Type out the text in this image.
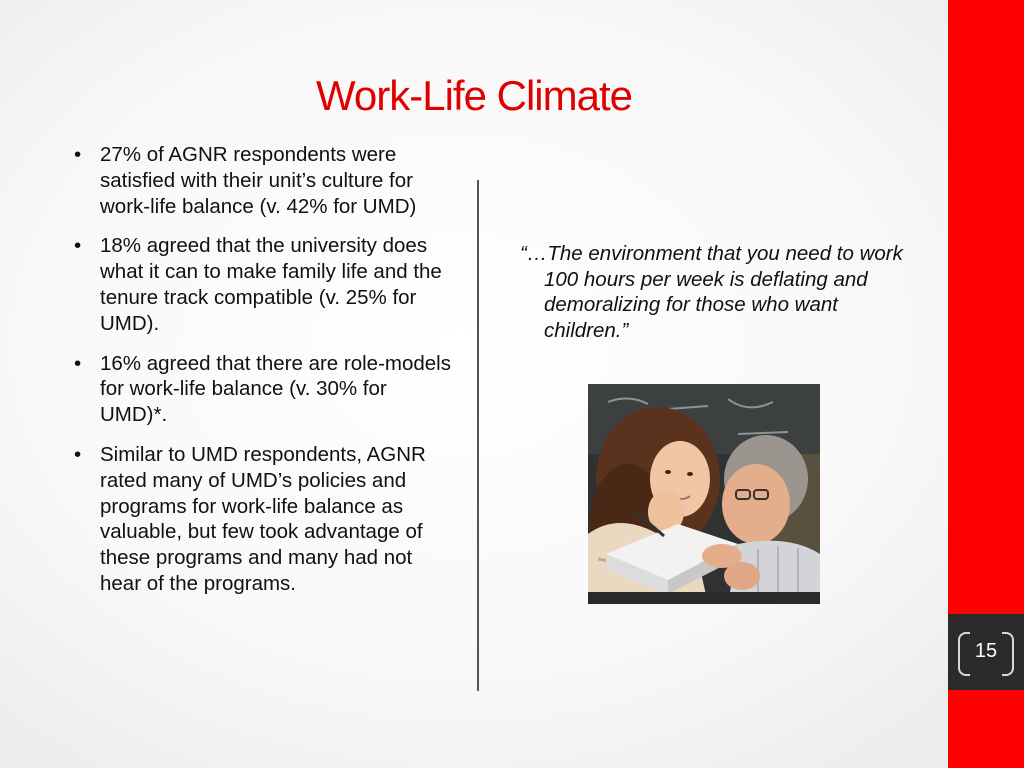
Work-Life Climate
• 27% of AGNR respondents were satisfied with their unit’s culture for work-life balance (v. 42% for UMD)
• 18% agreed that the university does what it can to make family life and the tenure track compatible (v. 25% for UMD).
• 16% agreed that there are role-models for work-life balance (v. 30% for UMD)*.
• Similar to UMD respondents, AGNR rated many of UMD’s policies and programs for work-life balance as valuable, but few took advantage of these programs and many had not hear of the programs.
“…The environment that you need to work 100 hours per week is deflating and demoralizing for those who want children.”
15
